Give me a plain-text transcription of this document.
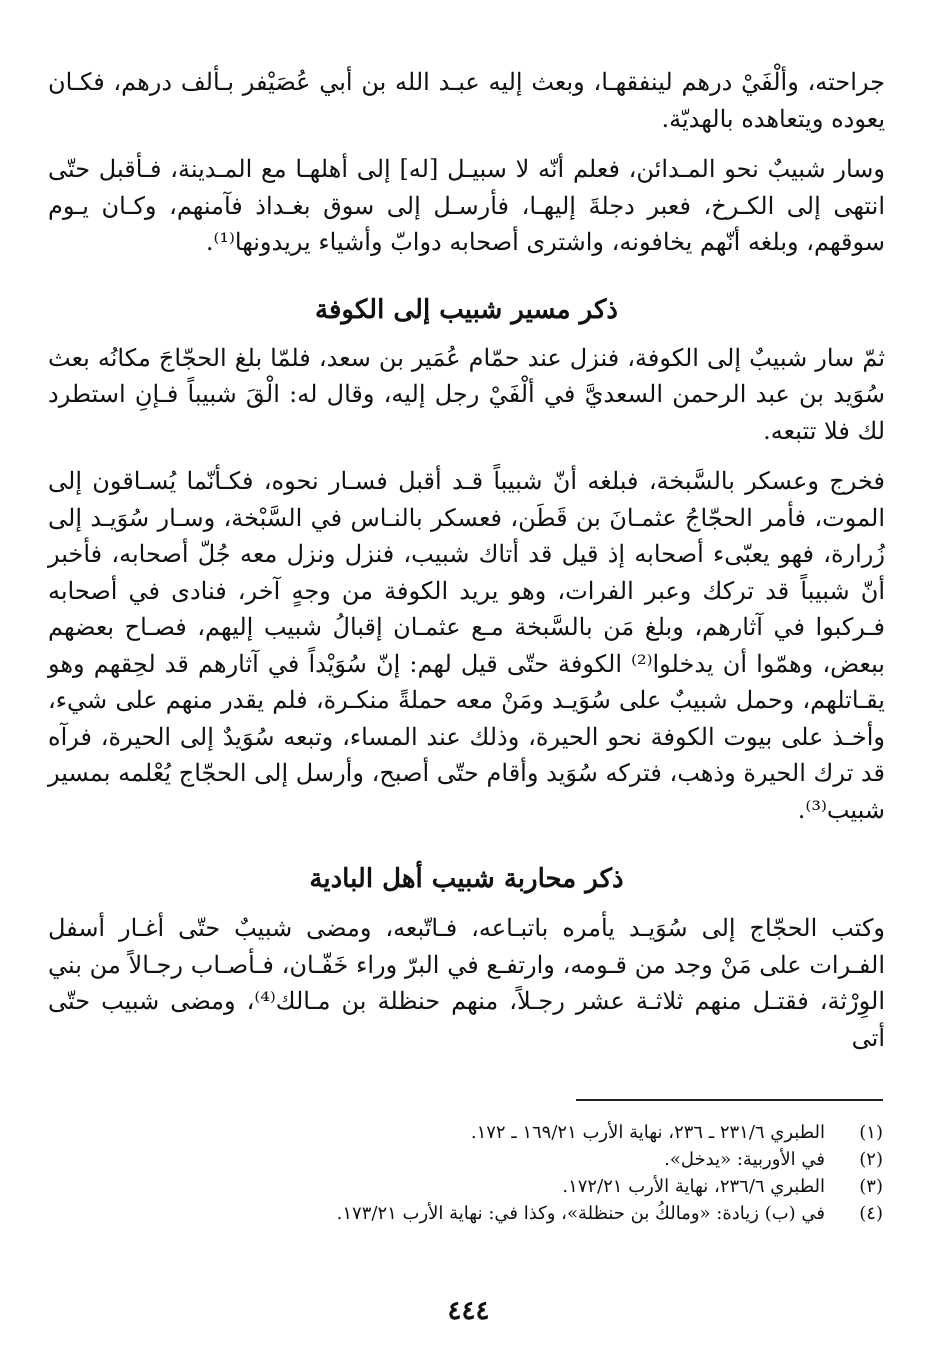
جراحته، وألْفَيْ درهم لينفقهـا، وبعث إليه عبـد الله بن أبي عُصَيْفر بـألف درهم، فكـان يعوده ويتعاهده بالهديّة.

وسار شبيبٌ نحو المـدائن، فعلم أنّه لا سبيـل [له] إلى أهلهـا مع المـدينة، فـأقبل حتّى انتهى إلى الكـرخ، فعبر دجلةَ إليهـا، فأرسـل إلى سوق بغـداذ فآمنهم، وكـان يـوم سوقهم، وبلغه أنّهم يخافونه، واشترى أصحابه دوابّ وأشياء يريدونها⁽¹⁾.

ذكر مسير شبيب إلى الكوفة

ثمّ سار شبيبٌ إلى الكوفة، فنزل عند حمّام عُمَير بن سعد، فلمّا بلغ الحجّاجَ مكانُه بعث سُوَيد بن عبد الرحمن السعديَّ في ألْفَيْ رجل إليه، وقال له: الْقَ شبيباً فـإنِ استطرد لك فلا تتبعه.

فخرج وعسكر بالسَّبخة، فبلغه أنّ شبيباً قـد أقبل فسـار نحوه، فكـأنّما يُسـاقون إلى الموت، فأمر الحجّاجُ عثمـانَ بن قَطَن، فعسكر بالنـاس في السَّبْخة، وسـار سُوَيـد إلى زُرارة، فهو يعبّىء أصحابه إذ قيل قد أتاك شبيب، فنزل ونزل معه جُلّ أصحابه، فأخبر أنّ شبيباً قد تركك وعبر الفرات، وهو يريد الكوفة من وجهٍ آخر، فنادى في أصحابه فـركبوا في آثارهم، وبلغ مَن بالسَّبخة مـع عثمـان إقبالُ شبيب إليهم، فصـاح بعضهم ببعض، وهمّوا أن يدخلوا⁽²⁾ الكوفة حتّى قيل لهم: إنّ سُوَيْداً في آثارهم قد لحِقهم وهو يقـاتلهم، وحمل شبيبٌ على سُوَيـد ومَنْ معه حملةً منكـرة، فلم يقدر منهم على شيء، وأخـذ على بيوت الكوفة نحو الحيرة، وذلك عند المساء، وتبعه سُوَيدٌ إلى الحيرة، فرآه قد ترك الحيرة وذهب، فتركه سُوَيد وأقام حتّى أصبح، وأرسل إلى الحجّاج يُعْلمه بمسير شبيب⁽³⁾.

ذكر محاربة شبيب أهل البادية

وكتب الحجّاج إلى سُوَيـد يأمره باتبـاعه، فـاتّبعه، ومضى شبيبٌ حتّى أغـار أسفل الفـرات على مَنْ وجد من قـومه، وارتفـع في البرّ وراء خَفّـان، فـأصـاب رجـالاً من بني الوِرْثة، فقتـل منهم ثلاثـة عشر رجـلاً، منهم حنظلة بن مـالك⁽⁴⁾، ومضى شبيب حتّى أتى

(١)
الطبري ٢٣١/٦ ـ ٢٣٦، نهاية الأرب ١٦٩/٢١ ـ ١٧٢.
(٢)
في الأوربية: «يدخل».
(٣)
الطبري ٢٣٦/٦، نهاية الأرب ١٧٢/٢١.
(٤)
في (ب) زيادة: «ومالكُ بن حنظلة»، وكذا في: نهاية الأرب ١٧٣/٢١.
٤٤٤
